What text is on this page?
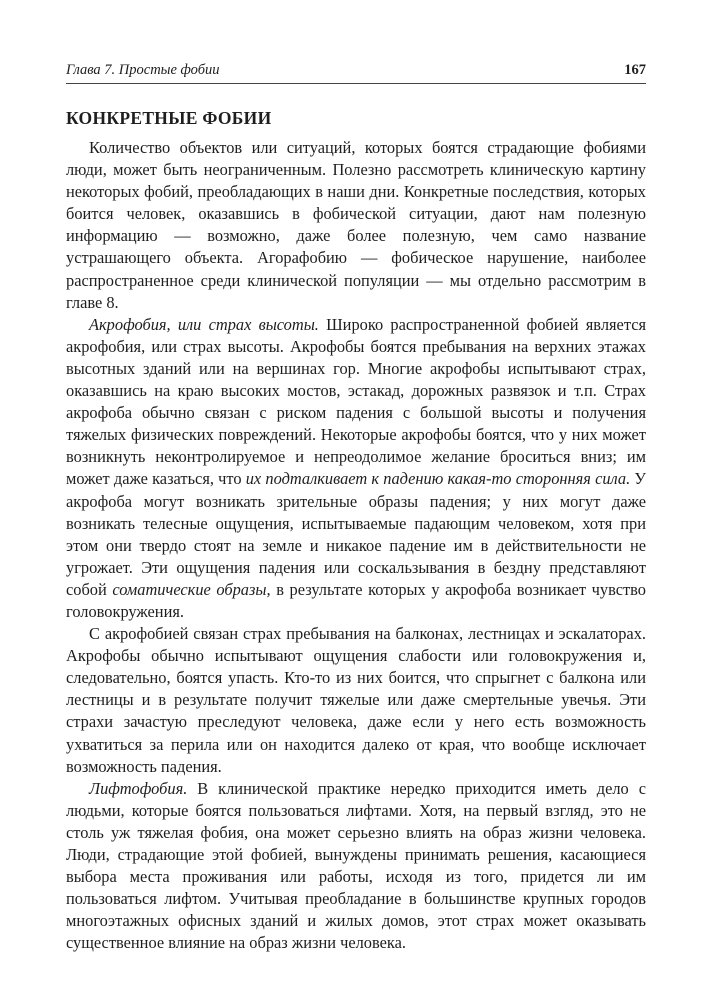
Глава 7. Простые фобии	167
КОНКРЕТНЫЕ ФОБИИ

Количество объектов или ситуаций, которых боятся страдающие фобиями люди, может быть неограниченным. Полезно рассмотреть клиническую картину некоторых фобий, преобладающих в наши дни. Конкретные последствия, которых боится человек, оказавшись в фобической ситуации, дают нам полезную информацию — возможно, даже более полезную, чем само название устрашающего объекта. Агорафобию — фобическое нарушение, наиболее распространенное среди клинической популяции — мы отдельно рассмотрим в главе 8.

Акрофобия, или страх высоты. Широко распространенной фобией является акрофобия, или страх высоты. Акрофобы боятся пребывания на верхних этажах высотных зданий или на вершинах гор. Многие акрофобы испытывают страх, оказавшись на краю высоких мостов, эстакад, дорожных развязок и т.п. Страх акрофоба обычно связан с риском падения с большой высоты и получения тяжелых физических повреждений. Некоторые акрофобы боятся, что у них может возникнуть неконтролируемое и непреодолимое желание броситься вниз; им может даже казаться, что их подталкивает к падению какая-то сторонняя сила. У акрофоба могут возникать зрительные образы падения; у них могут даже возникать телесные ощущения, испытываемые падающим человеком, хотя при этом они твердо стоят на земле и никакое падение им в действительности не угрожает. Эти ощущения падения или соскальзывания в бездну представляют собой соматические образы, в результате которых у акрофоба возникает чувство головокружения.

С акрофобией связан страх пребывания на балконах, лестницах и эскалаторах. Акрофобы обычно испытывают ощущения слабости или головокружения и, следовательно, боятся упасть. Кто-то из них боится, что спрыгнет с балкона или лестницы и в результате получит тяжелые или даже смертельные увечья. Эти страхи зачастую преследуют человека, даже если у него есть возможность ухватиться за перила или он находится далеко от края, что вообще исключает возможность падения.

Лифтофобия. В клинической практике нередко приходится иметь дело с людьми, которые боятся пользоваться лифтами. Хотя, на первый взгляд, это не столь уж тяжелая фобия, она может серьезно влиять на образ жизни человека. Люди, страдающие этой фобией, вынуждены принимать решения, касающиеся выбора места проживания или работы, исходя из того, придется ли им пользоваться лифтом. Учитывая преобладание в большинстве крупных городов многоэтажных офисных зданий и жилых домов, этот страх может оказывать существенное влияние на образ жизни человека.
